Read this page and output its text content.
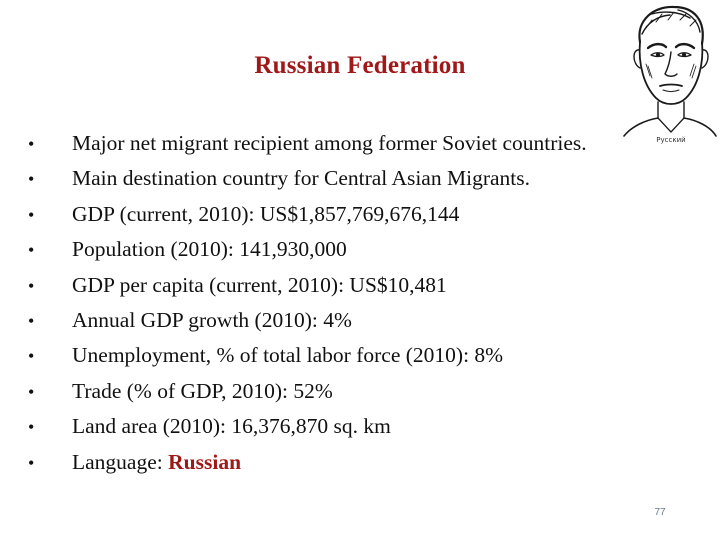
Russian Federation
•	Major net migrant recipient among former Soviet countries.
•	Main destination country for Central Asian Migrants.
•	GDP (current, 2010): US$1,857,769,676,144
•	Population (2010): 141,930,000
•	GDP per capita (current, 2010): US$10,481
•	Annual GDP growth (2010): 4%
•	Unemployment, % of total labor force (2010): 8%
•	Trade (% of GDP, 2010): 52%
•	Land area (2010): 16,376,870 sq. km
•	Language: Russian
Русский
77
